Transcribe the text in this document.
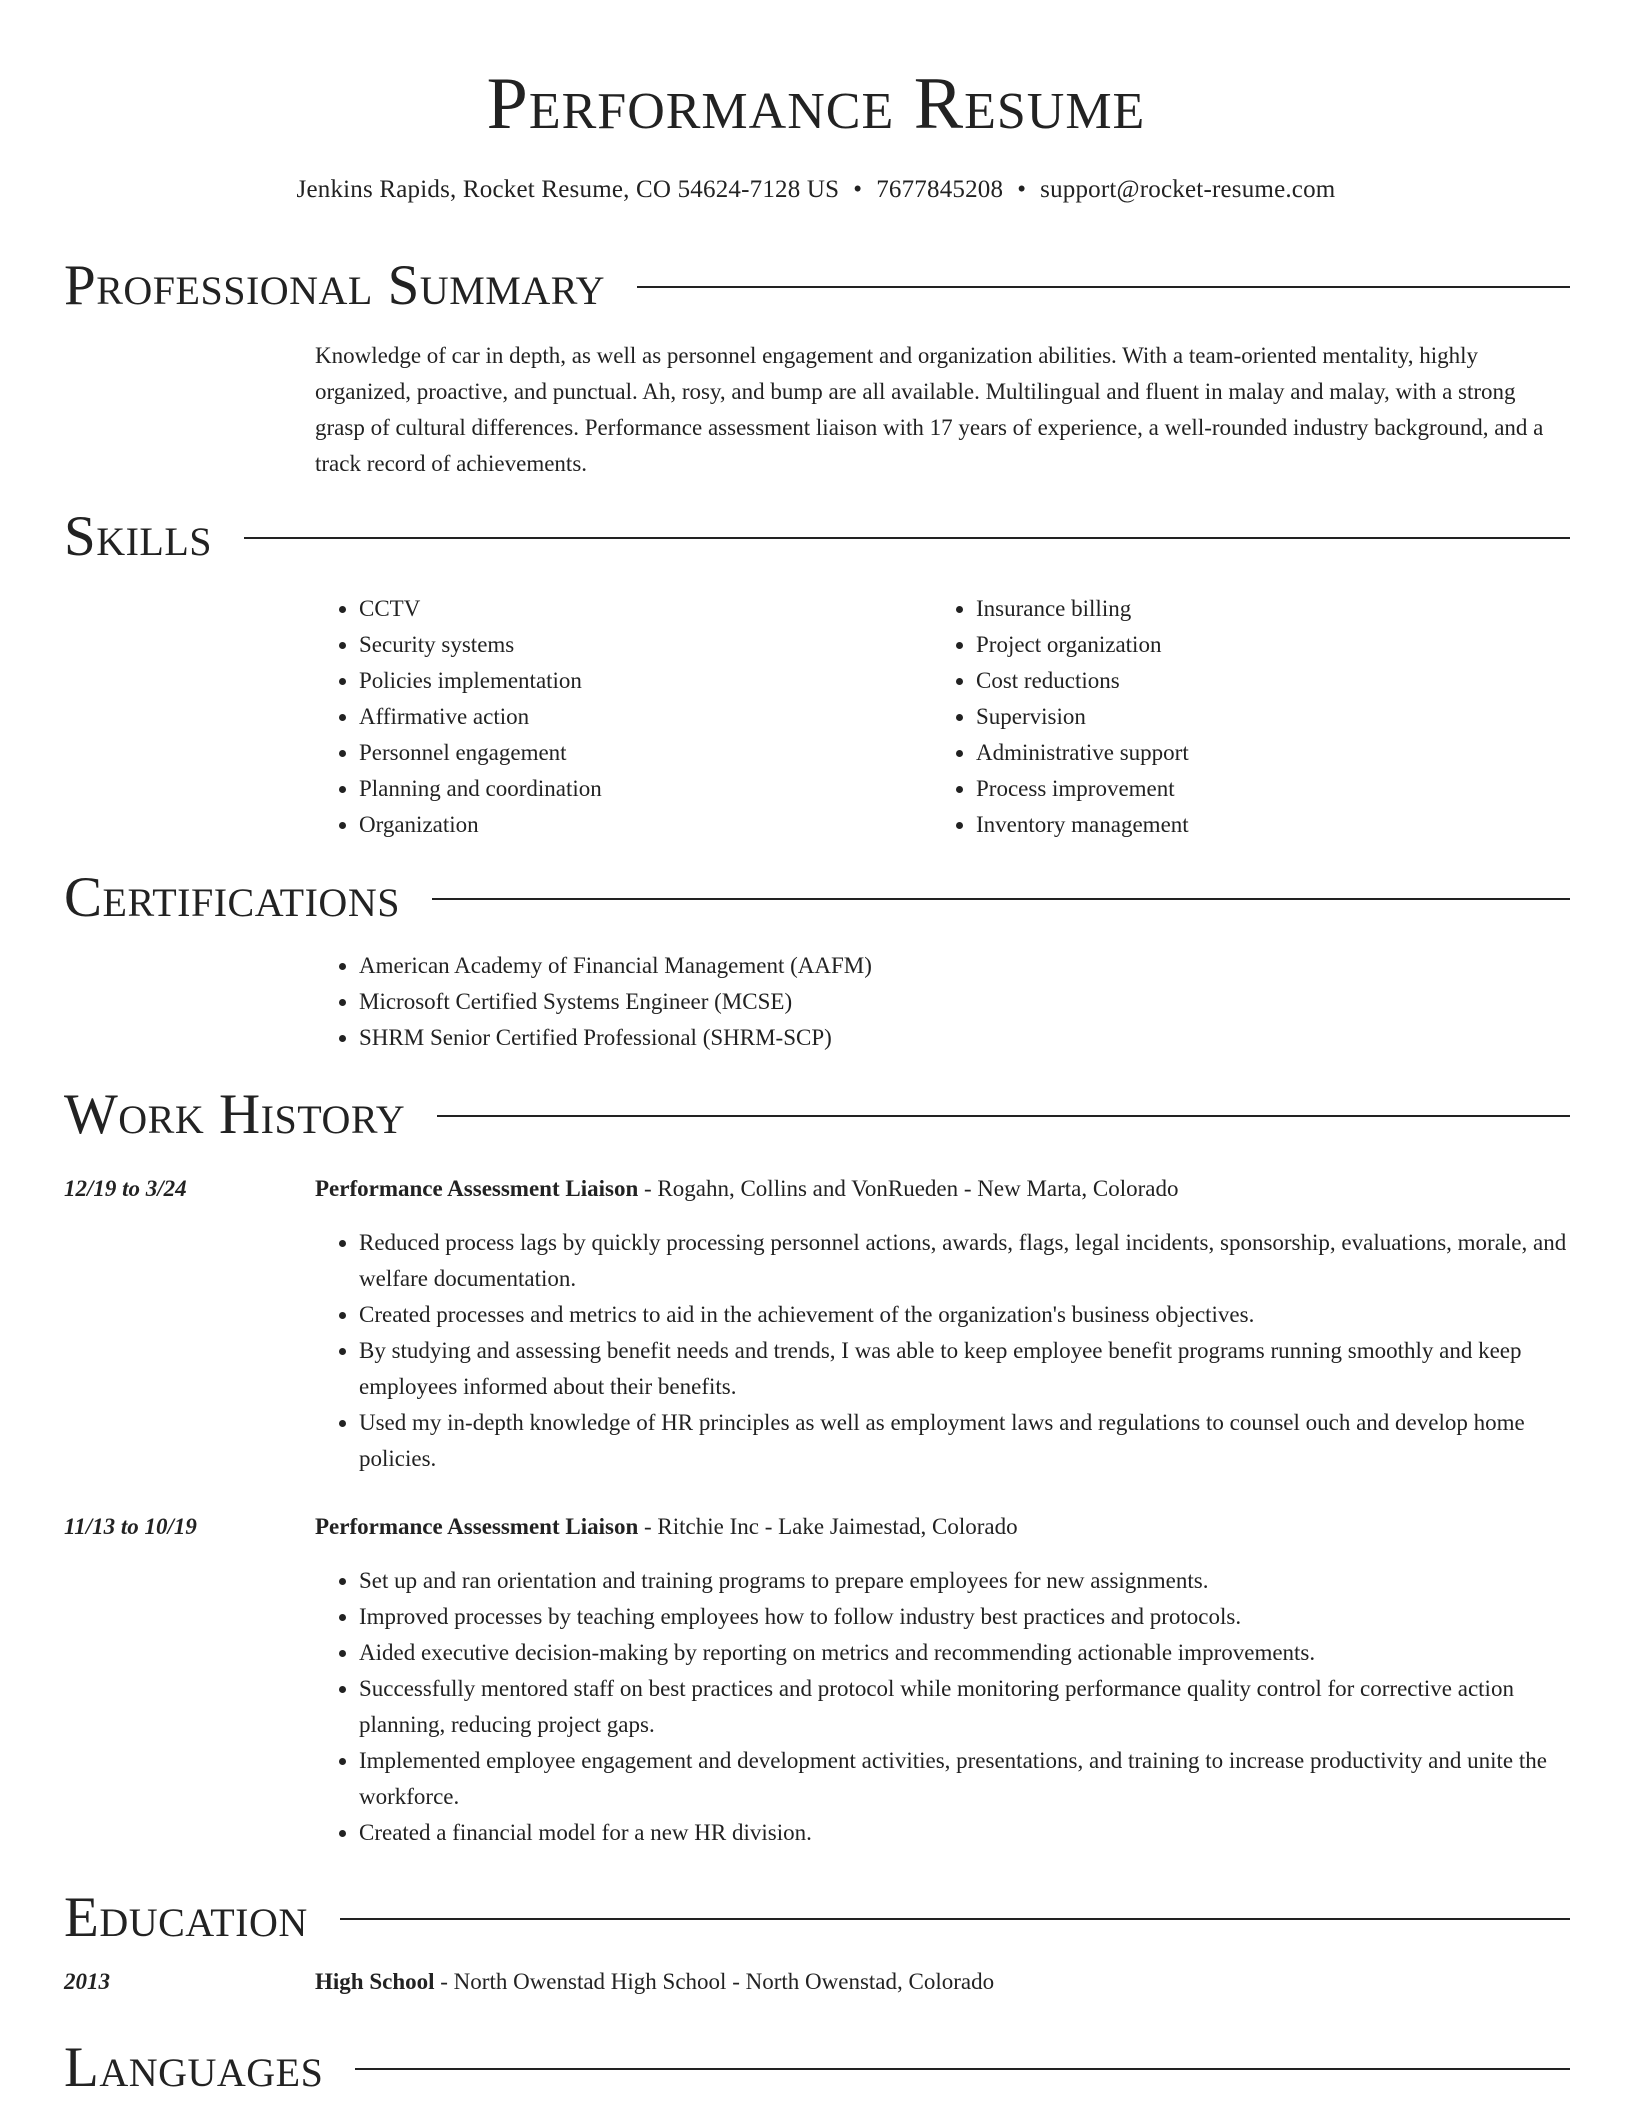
Performance Resume
Jenkins Rapids, Rocket Resume, CO 54624-7128 US • 7677845208 • support@rocket-resume.com
Professional Summary
Knowledge of car in depth, as well as personnel engagement and organization abilities. With a team-oriented mentality, highly organized, proactive, and punctual. Ah, rosy, and bump are all available. Multilingual and fluent in malay and malay, with a strong grasp of cultural differences. Performance assessment liaison with 17 years of experience, a well-rounded industry background, and a track record of achievements.
Skills
• CCTV
• Security systems
• Policies implementation
• Affirmative action
• Personnel engagement
• Planning and coordination
• Organization
• Insurance billing
• Project organization
• Cost reductions
• Supervision
• Administrative support
• Process improvement
• Inventory management
Certifications
• American Academy of Financial Management (AAFM)
• Microsoft Certified Systems Engineer (MCSE)
• SHRM Senior Certified Professional (SHRM-SCP)
Work History
12/19 to 3/24	Performance Assessment Liaison - Rogahn, Collins and VonRueden - New Marta, Colorado
• Reduced process lags by quickly processing personnel actions, awards, flags, legal incidents, sponsorship, evaluations, morale, and welfare documentation.
• Created processes and metrics to aid in the achievement of the organization's business objectives.
• By studying and assessing benefit needs and trends, I was able to keep employee benefit programs running smoothly and keep employees informed about their benefits.
• Used my in-depth knowledge of HR principles as well as employment laws and regulations to counsel ouch and develop home policies.
11/13 to 10/19	Performance Assessment Liaison - Ritchie Inc - Lake Jaimestad, Colorado
• Set up and ran orientation and training programs to prepare employees for new assignments.
• Improved processes by teaching employees how to follow industry best practices and protocols.
• Aided executive decision-making by reporting on metrics and recommending actionable improvements.
• Successfully mentored staff on best practices and protocol while monitoring performance quality control for corrective action planning, reducing project gaps.
• Implemented employee engagement and development activities, presentations, and training to increase productivity and unite the workforce.
• Created a financial model for a new HR division.
Education
2013	High School - North Owenstad High School - North Owenstad, Colorado
Languages
